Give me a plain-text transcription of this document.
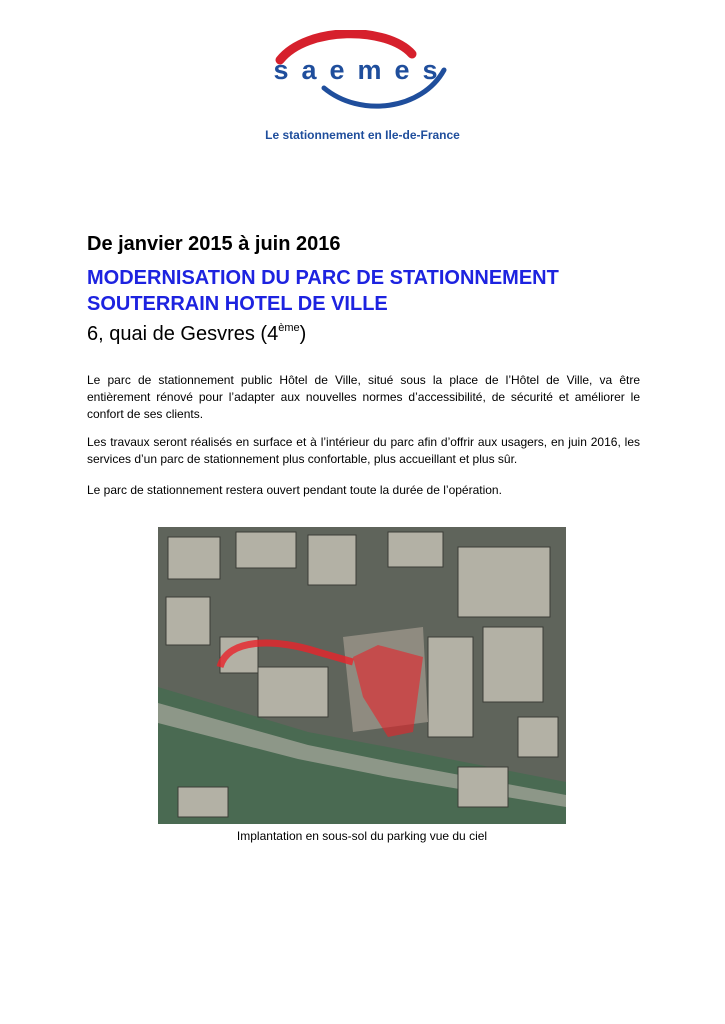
saemes
Le stationnement en Ile-de-France
De janvier 2015 à juin 2016
MODERNISATION DU PARC DE STATIONNEMENT
SOUTERRAIN HOTEL DE VILLE

6, quai de Gesvres (4ème)

Le parc de stationnement public Hôtel de Ville, situé sous la place de l’Hôtel de Ville, va être entièrement rénové pour l’adapter aux nouvelles normes d’accessibilité, de sécurité et améliorer le confort de ses clients.

Les travaux seront réalisés en surface et à l’intérieur du parc afin d’offrir aux usagers, en juin 2016, les services d’un parc de stationnement plus confortable, plus accueillant et plus sûr.

Le parc de stationnement restera ouvert pendant toute la durée de l’opération.

Implantation en sous-sol du parking vue du ciel
